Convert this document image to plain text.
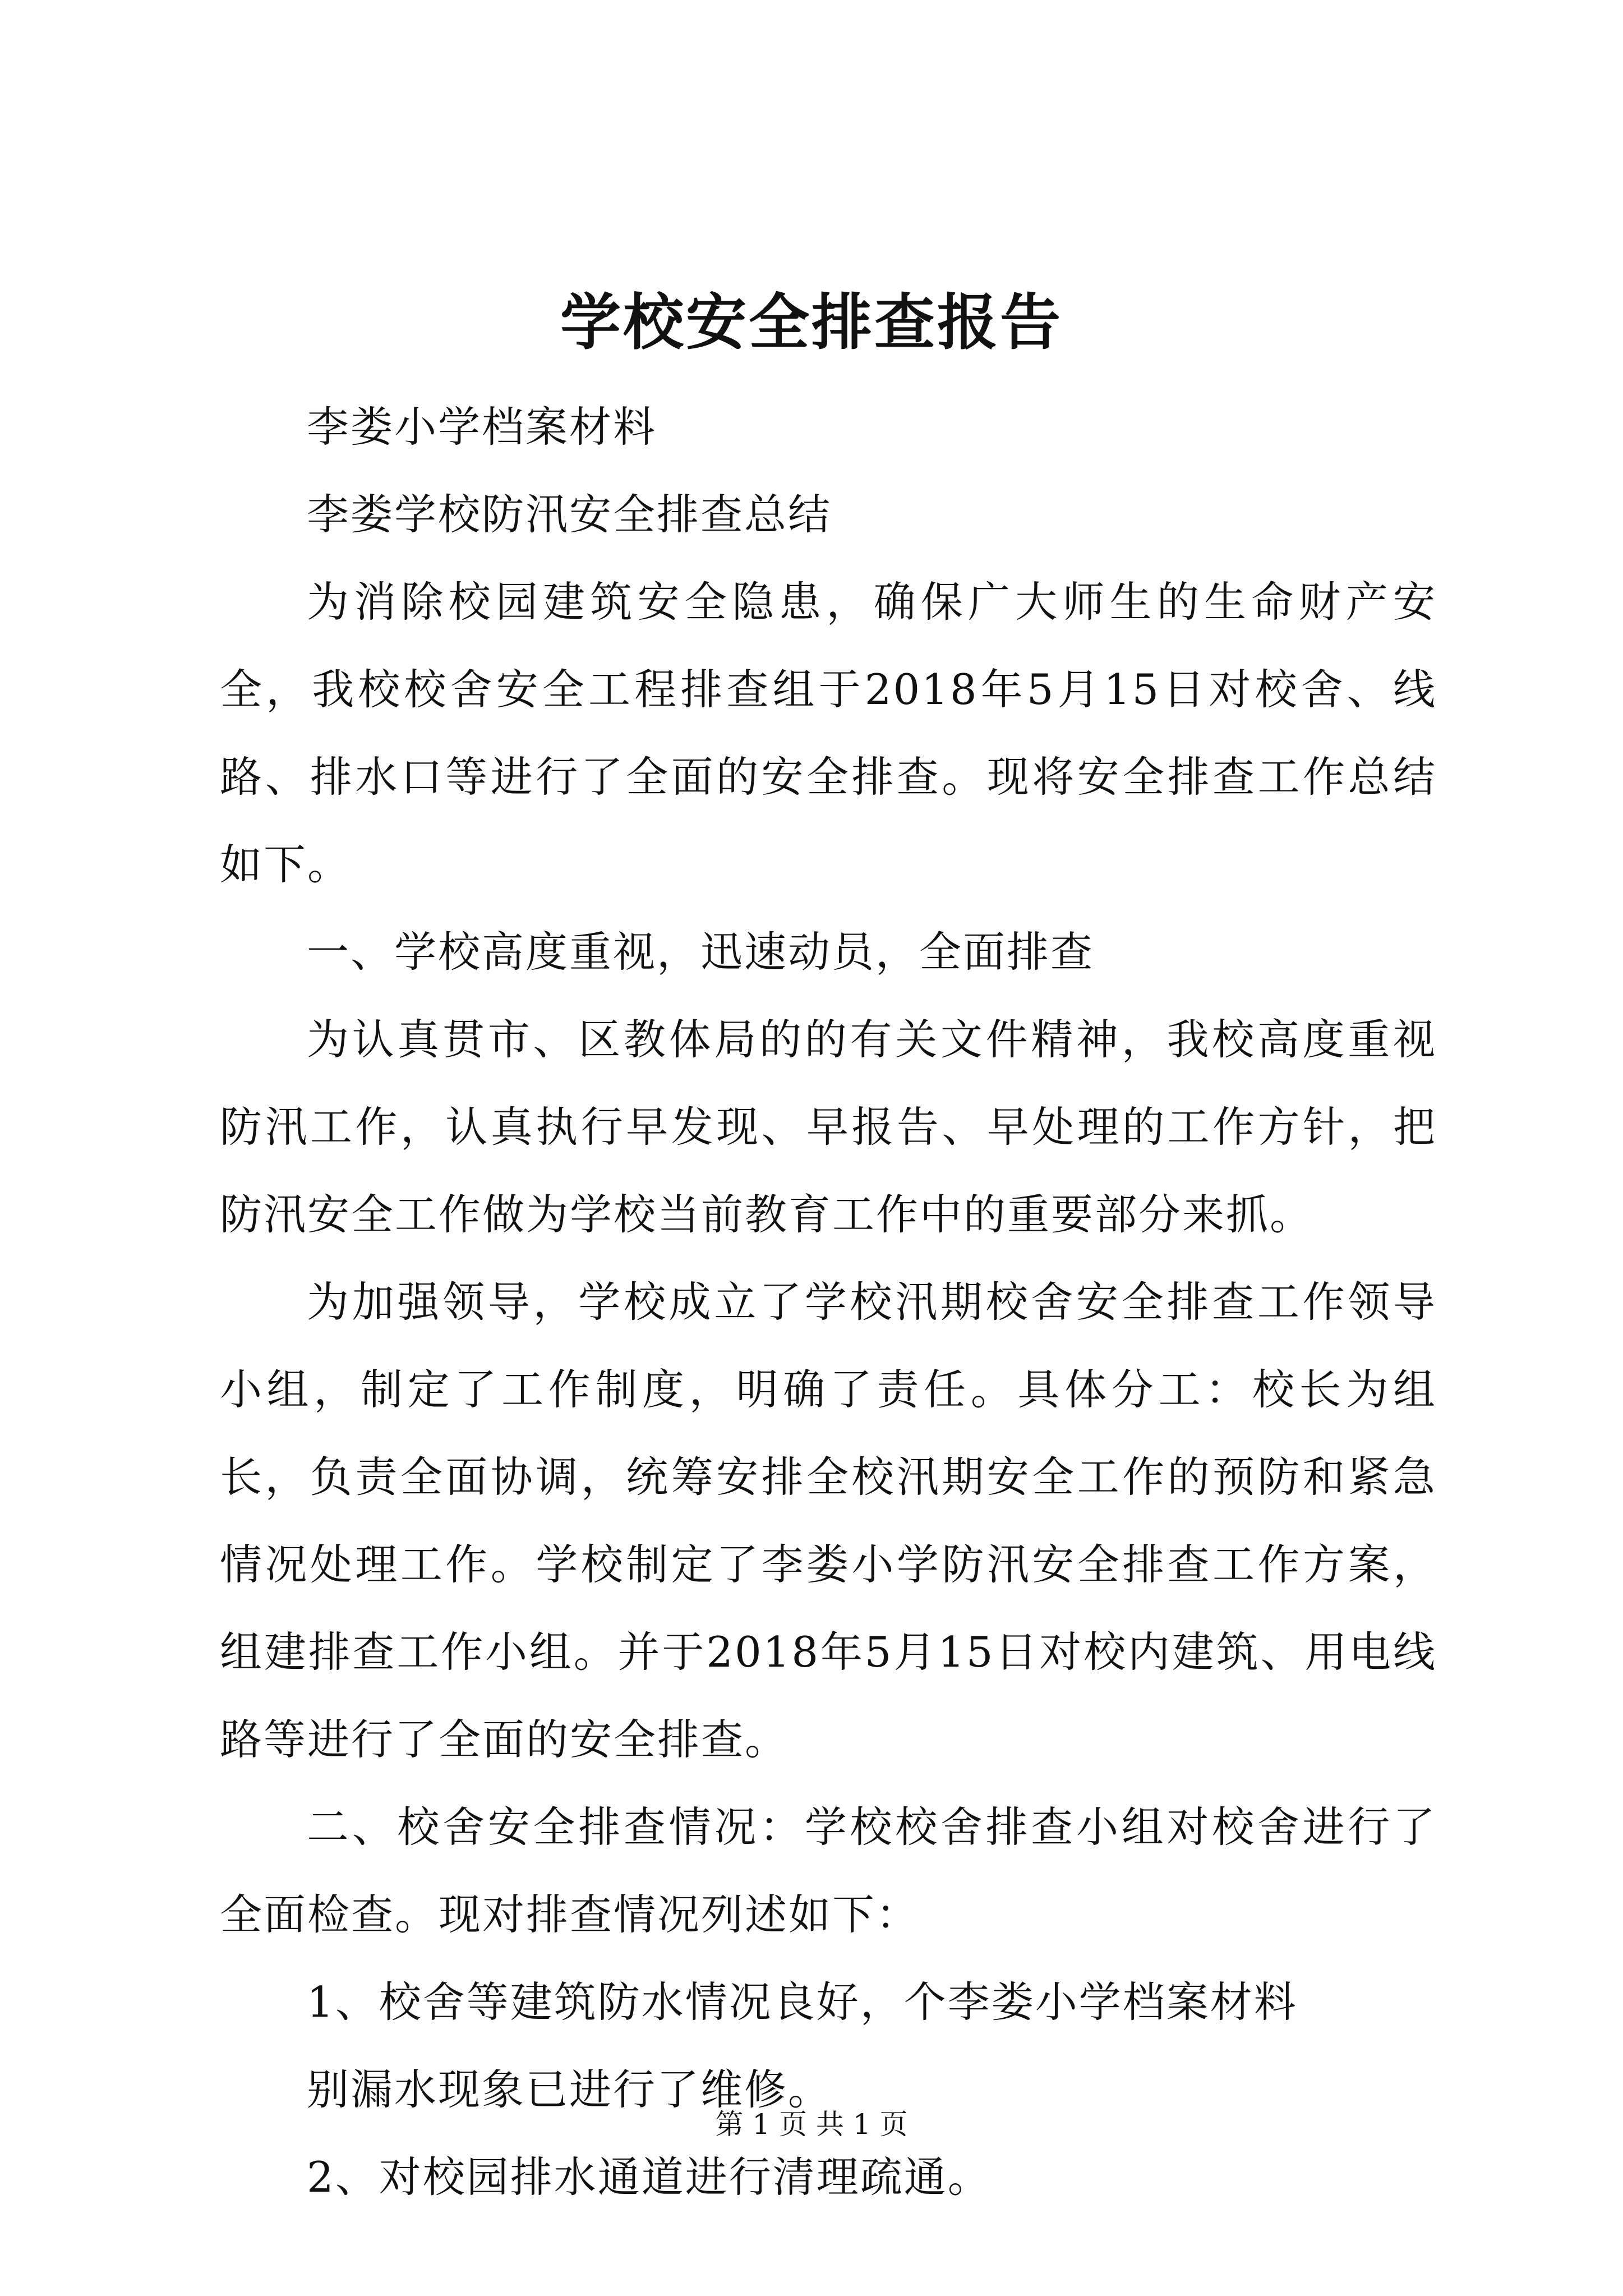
学校安全排查报告

李娄小学档案材料

李娄学校防汛安全排查总结

为消除校园建筑安全隐患，确保广大师生的生命财产安全，我校校舍安全工程排查组于2018年5月15日对校舍、线路、排水口等进行了全面的安全排查。现将安全排查工作总结如下。

一、学校高度重视，迅速动员，全面排查

为认真贯市、区教体局的的有关文件精神，我校高度重视防汛工作，认真执行早发现、早报告、早处理的工作方针，把防汛安全工作做为学校当前教育工作中的重要部分来抓。

为加强领导，学校成立了学校汛期校舍安全排查工作领导小组，制定了工作制度，明确了责任。具体分工：校长为组长，负责全面协调，统筹安排全校汛期安全工作的预防和紧急情况处理工作。学校制定了李娄小学防汛安全排查工作方案，组建排查工作小组。并于2018年5月15日对校内建筑、用电线路等进行了全面的安全排查。

二、校舍安全排查情况：学校校舍排查小组对校舍进行了全面检查。现对排查情况列述如下：

1、校舍等建筑防水情况良好，个李娄小学档案材料

别漏水现象已进行了维修。

2、对校园排水通道进行清理疏通。

第 1 页 共 1 页
